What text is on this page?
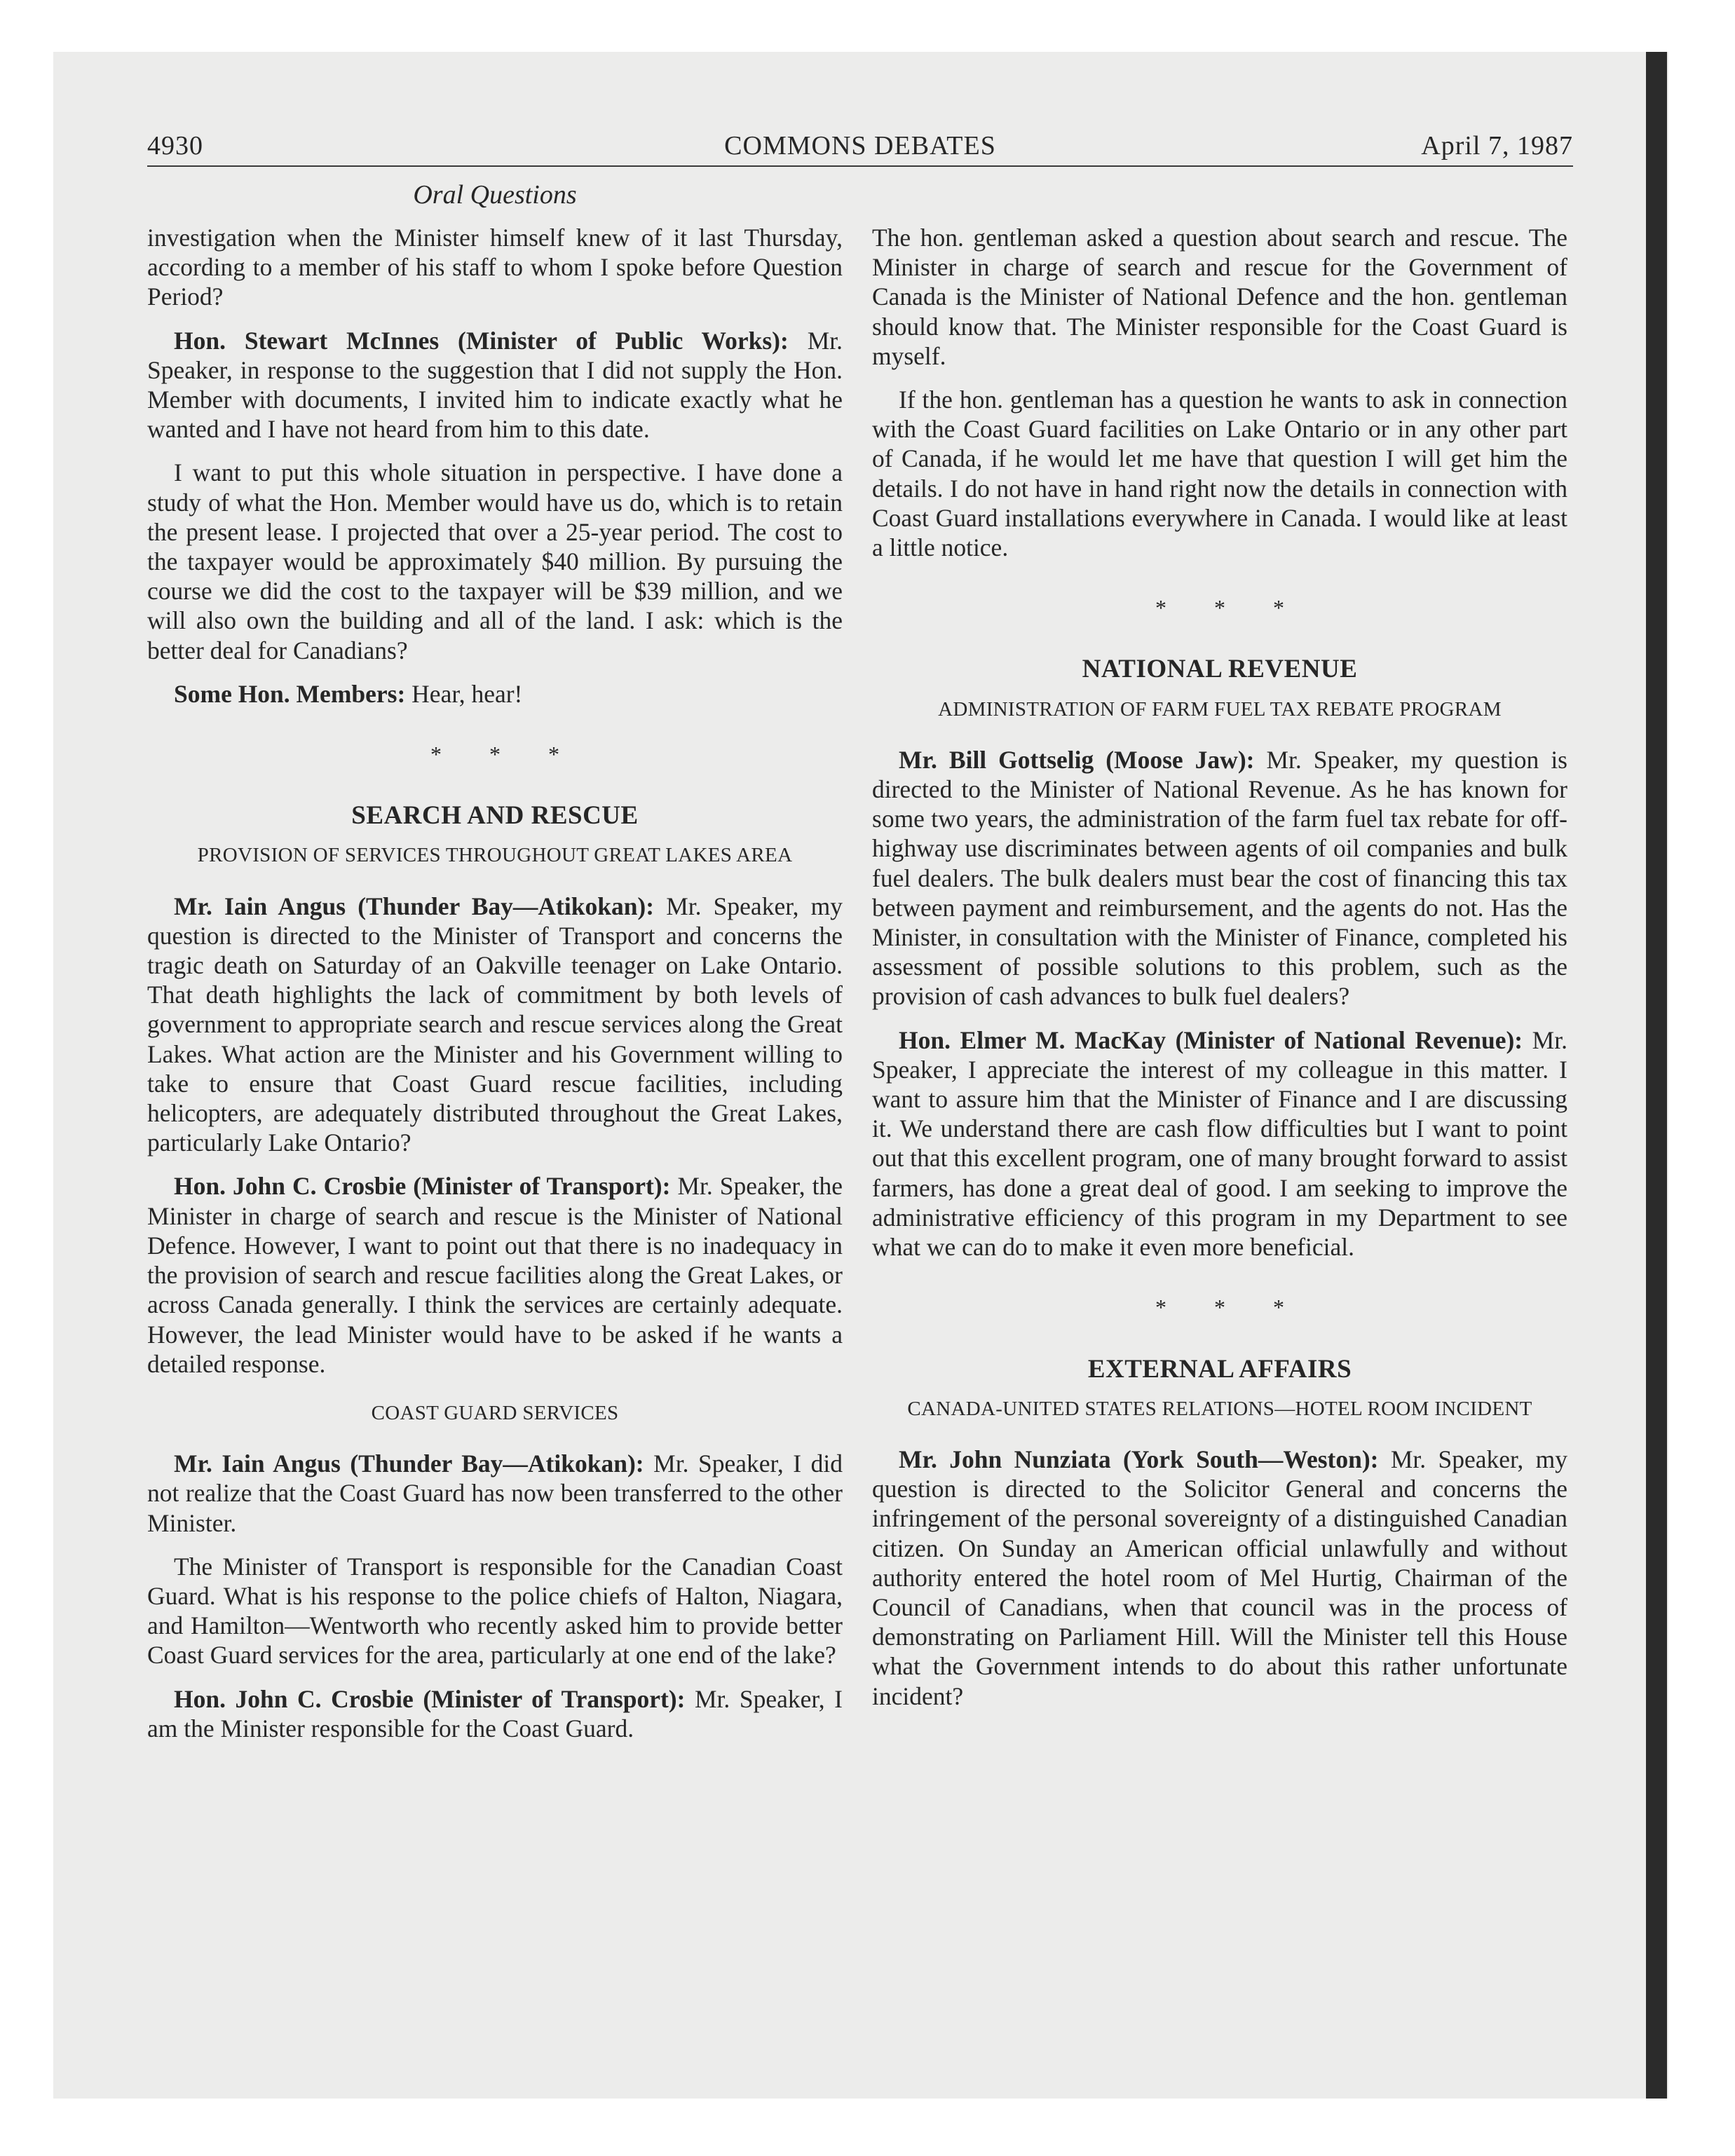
4930	COMMONS DEBATES	April 7, 1987
Oral Questions

investigation when the Minister himself knew of it last Thursday, according to a member of his staff to whom I spoke before Question Period?

Hon. Stewart McInnes (Minister of Public Works): Mr. Speaker, in response to the suggestion that I did not supply the Hon. Member with documents, I invited him to indicate exactly what he wanted and I have not heard from him to this date.

I want to put this whole situation in perspective. I have done a study of what the Hon. Member would have us do, which is to retain the present lease. I projected that over a 25-year period. The cost to the taxpayer would be approximately $40 million. By pursuing the course we did the cost to the taxpayer will be $39 million, and we will also own the building and all of the land. I ask: which is the better deal for Canadians?

Some Hon. Members: Hear, hear!

* * *
SEARCH AND RESCUE
PROVISION OF SERVICES THROUGHOUT GREAT LAKES AREA

Mr. Iain Angus (Thunder Bay—Atikokan): Mr. Speaker, my question is directed to the Minister of Transport and concerns the tragic death on Saturday of an Oakville teenager on Lake Ontario. That death highlights the lack of commitment by both levels of government to appropriate search and rescue services along the Great Lakes. What action are the Minister and his Government willing to take to ensure that Coast Guard rescue facilities, including helicopters, are adequately distributed throughout the Great Lakes, particularly Lake Ontario?

Hon. John C. Crosbie (Minister of Transport): Mr. Speaker, the Minister in charge of search and rescue is the Minister of National Defence. However, I want to point out that there is no inadequacy in the provision of search and rescue facilities along the Great Lakes, or across Canada generally. I think the services are certainly adequate. However, the lead Minister would have to be asked if he wants a detailed response.

COAST GUARD SERVICES

Mr. Iain Angus (Thunder Bay—Atikokan): Mr. Speaker, I did not realize that the Coast Guard has now been transferred to the other Minister.

The Minister of Transport is responsible for the Canadian Coast Guard. What is his response to the police chiefs of Halton, Niagara, and Hamilton—Wentworth who recently asked him to provide better Coast Guard services for the area, particularly at one end of the lake?

Hon. John C. Crosbie (Minister of Transport): Mr. Speaker, I am the Minister responsible for the Coast Guard.

The hon. gentleman asked a question about search and rescue. The Minister in charge of search and rescue for the Government of Canada is the Minister of National Defence and the hon. gentleman should know that. The Minister responsible for the Coast Guard is myself.

If the hon. gentleman has a question he wants to ask in connection with the Coast Guard facilities on Lake Ontario or in any other part of Canada, if he would let me have that question I will get him the details. I do not have in hand right now the details in connection with Coast Guard installations everywhere in Canada. I would like at least a little notice.

* * *
NATIONAL REVENUE
ADMINISTRATION OF FARM FUEL TAX REBATE PROGRAM

Mr. Bill Gottselig (Moose Jaw): Mr. Speaker, my question is directed to the Minister of National Revenue. As he has known for some two years, the administration of the farm fuel tax rebate for off-highway use discriminates between agents of oil companies and bulk fuel dealers. The bulk dealers must bear the cost of financing this tax between payment and reimbursement, and the agents do not. Has the Minister, in consultation with the Minister of Finance, completed his assessment of possible solutions to this problem, such as the provision of cash advances to bulk fuel dealers?

Hon. Elmer M. MacKay (Minister of National Revenue): Mr. Speaker, I appreciate the interest of my colleague in this matter. I want to assure him that the Minister of Finance and I are discussing it. We understand there are cash flow difficulties but I want to point out that this excellent program, one of many brought forward to assist farmers, has done a great deal of good. I am seeking to improve the administrative efficiency of this program in my Department to see what we can do to make it even more beneficial.

* * *
EXTERNAL AFFAIRS
CANADA-UNITED STATES RELATIONS—HOTEL ROOM INCIDENT

Mr. John Nunziata (York South—Weston): Mr. Speaker, my question is directed to the Solicitor General and concerns the infringement of the personal sovereignty of a distinguished Canadian citizen. On Sunday an American official unlawfully and without authority entered the hotel room of Mel Hurtig, Chairman of the Council of Canadians, when that council was in the process of demonstrating on Parliament Hill. Will the Minister tell this House what the Government intends to do about this rather unfortunate incident?
